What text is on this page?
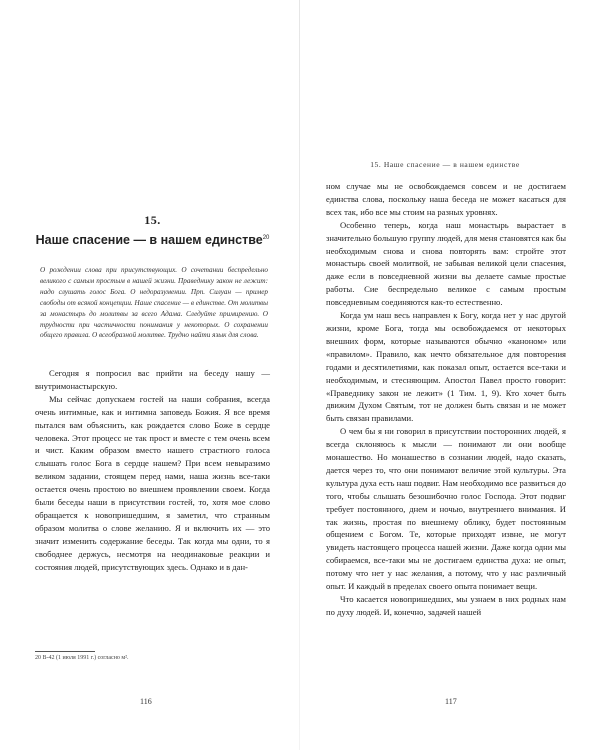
15.
Наше спасение — в нашем единстве$^{20}$
О рождении слова при присутствующих. О сочетании беспредельно великого с самым простым в нашей жизни. Праведнику закон не лежит: надо слушать голос Бога. О недоразумении. Прп. Силуан — пример свободы от всякой концепции. Наше спасение — в единстве. От молитвы за монастырь до молитвы за всего Адама. Следуйте примирению. О трудности при частичности понимания у некоторых. О сохранении общего правила. О всеобразной молитве. Трудно найти язык для слова.

Сегодня я попросил вас прийти на беседу нашу — внутримонастырскую.

Мы сейчас допускаем гостей на наши собрания, всегда очень интимные, как и интимна заповедь Божия. Я все время пытался вам объяснить, как рождается слово Боже в сердце человека. Этот процесс не так прост и вместе с тем очень всем и чист. Каким образом вместо нашего страстного голоса слышать голос Бога в сердце нашем? При всем невыразимо великом задании, стоящем перед нами, наша жизнь все-таки остается очень простою во внешнем проявлении своем. Когда были беседы наши в присутствии гостей, то, хотя мое слово обращается к новопришедшим, я заметил, что странным образом молитва о слове желанию. Я и включить их — это значит изменить содержание беседы. Так когда мы одни, то я свободнее держусь, несмотря на неодинаковые реакции и состояния людей, присутствующих здесь. Однако и в дан-

20 В-42 (1 июля 1991 г.) согласно м².
116
15. Наше спасение — в нашем единстве

ном случае мы не освобождаемся совсем и не достигаем единства слова, поскольку наша беседа не может касаться для всех так, ибо все мы стоим на разных уровнях.

Особенно теперь, когда наш монастырь вырастает в значительно большую группу людей, для меня становятся как бы необходимым снова и снова повторять вам: стройте этот монастырь своей молитвой, не забывая великой цели спасения, даже если в повседневной жизни вы делаете самые простые работы. Сие беспредельно великое с самым простым повседневным соединяются как-то естественно.

Когда ум наш весь направлен к Богу, когда нет у нас другой жизни, кроме Бога, тогда мы освобождаемся от некоторых внешних форм, которые называются обычно «каноном» или «правилом». Правило, как нечто обязательное для повторения годами и десятилетиями, как показал опыт, остается все-таки и необходимым, и стесняющим. Апостол Павел просто говорит: «Праведнику закон не лежит» (1 Тим. 1, 9). Кто хочет быть движим Духом Святым, тот не должен быть связан и не может быть связан правилами.

О чем бы я ни говорил в присутствии посторонних людей, я всегда склоняюсь к мысли — понимают ли они вообще монашество. Но монашество в сознании людей, надо сказать, дается через то, что они понимают величие этой культуры. Эта культура духа есть наш подвиг. Нам необходимо все развиться до того, чтобы слышать безошибочно голос Господа. Этот подвиг требует постоянного, днем и ночью, внутреннего внимания. И так жизнь, простая по внешнему облику, будет постоянным общением с Богом. Те, которые приходят извне, не могут увидеть настоящего процесса нашей жизни. Даже когда одни мы собираемся, все-таки мы не достигаем единства духа: не опыт, потому что нет у нас желания, а потому, что у нас различный опыт. И каждый в пределах своего опыта понимает вещи.

Что касается новопришедших, мы узнаем в них родных нам по духу людей. И, конечно, задачей нашей

117
